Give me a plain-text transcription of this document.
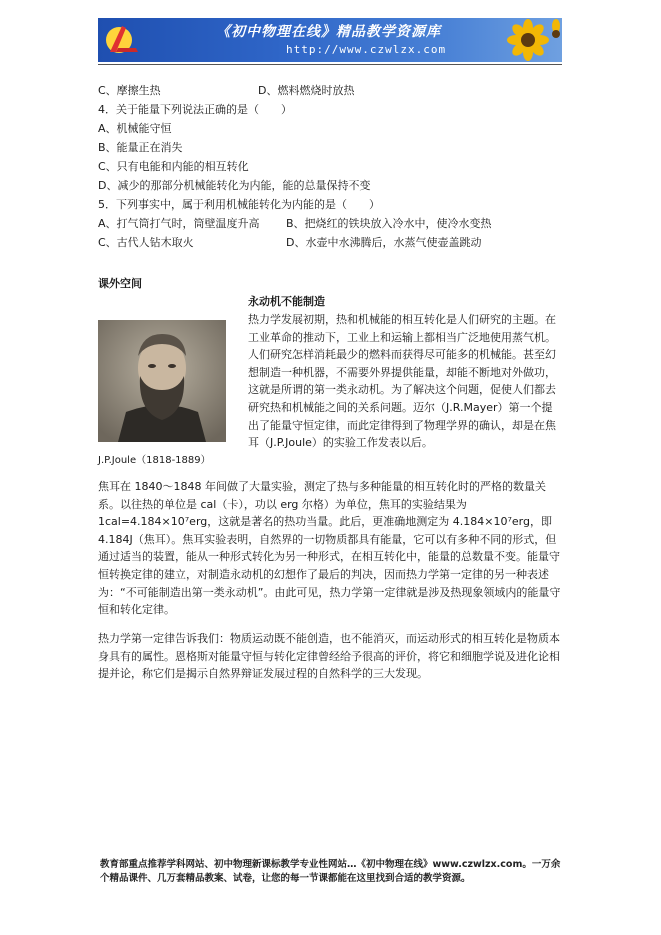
《初中物理在线》精品教学资源库
http://www.czwlzx.com
C、摩擦生热	D、燃料燃烧时放热
4．关于能量下列说法正确的是（　　）
A、机械能守恒
B、能量正在消失
C、只有电能和内能的相互转化
D、减少的那部分机械能转化为内能，能的总量保持不变
5．下列事实中，属于利用机械能转化为内能的是（　　）
A、打气筒打气时，筒壁温度升高 B、把烧红的铁块放入冷水中，使冷水变热
C、古代人钻木取火	D、水壶中水沸腾后，水蒸气使壶盖跳动
课外空间
永动机不能制造
J.P.Joule（1818-1889）
热力学发展初期，热和机械能的相互转化是人们研究的主题。在工业革命的推动下，工业上和运输上都相当广泛地使用蒸气机。人们研究怎样消耗最少的燃料而获得尽可能多的机械能。甚至幻想制造一种机器，不需要外界提供能量，却能不断地对外做功，这就是所谓的第一类永动机。为了解决这个问题，促使人们都去研究热和机械能之间的关系问题。迈尔（J.R.Mayer）第一个提出了能量守恒定律，而此定律得到了物理学界的确认，却是在焦耳（J.P.Joule）的实验工作发表以后。
焦耳在 1840～1848 年间做了大量实验，测定了热与多种能量的相互转化时的严格的数量关系。以往热的单位是 cal（卡），功以 erg 尔格）为单位，焦耳的实验结果为 1cal=4.184×10⁷erg，这就是著名的热功当量。此后，更准确地测定为 4.184×10⁷erg，即 4.184J（焦耳）。焦耳实验表明，自然界的一切物质都具有能量，它可以有多种不同的形式，但通过适当的装置，能从一种形式转化为另一种形式，在相互转化中，能量的总数量不变。能量守恒转换定律的建立，对制造永动机的幻想作了最后的判决，因而热力学第一定律的另一种表述为：“不可能制造出第一类永动机”。由此可见，热力学第一定律就是涉及热现象领域内的能量守恒和转化定律。
热力学第一定律告诉我们：物质运动既不能创造，也不能消灭，而运动形式的相互转化是物质本身具有的属性。恩格斯对能量守恒与转化定律曾经给予很高的评价，将它和细胞学说及进化论相提并论，称它们是揭示自然界辩证发展过程的自然科学的三大发现。
教育部重点推荐学科网站、初中物理新课标教学专业性网站…《初中物理在线》www.czwlzx.com。一万余个精品课件、几万套精品教案、试卷，让您的每一节课都能在这里找到合适的教学资源。
